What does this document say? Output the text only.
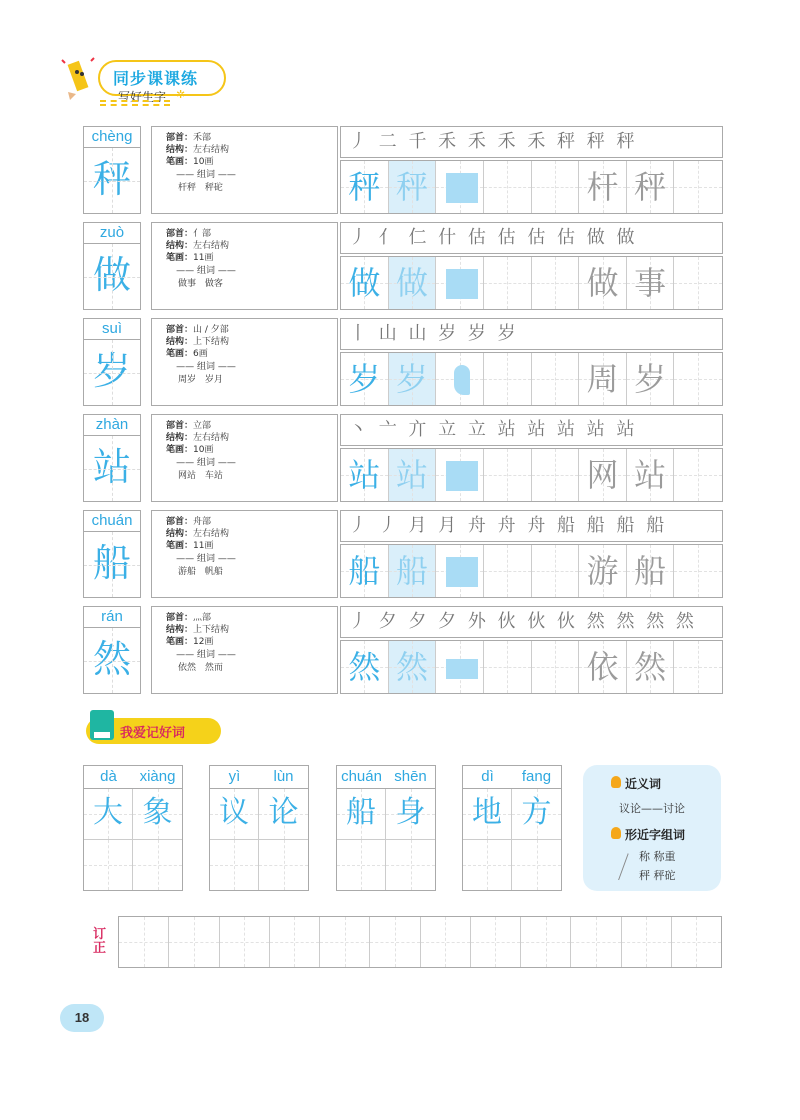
同步课课练
写好生字 ✲
chèng
秤
部首：禾部
结构：左右结构
笔画：10画
—— 组词 ——
杆秤 秤砣
丿 二 千 禾 禾 禾 禾 秤 秤 秤
秤 秤	杆 秤
zuò
做
部首：亻部
结构：左右结构
笔画：11画
—— 组词 ——
做事 做客
丿 亻 仁 什 估 估 估 估 做 做
做 做	做 事
suì
岁
部首：山 / 夕部
结构：上下结构
笔画：6画
—— 组词 ——
周岁 岁月
丨 山 山 岁 岁 岁
岁 岁	周 岁
zhàn
站
部首：立部
结构：左右结构
笔画：10画
—— 组词 ——
网站 车站
丶 亠 亣 立 立 站 站 站 站 站
站 站	网 站
chuán
船
部首：舟部
结构：左右结构
笔画：11画
—— 组词 ——
游船 帆船
丿 丿 月 月 舟 舟 舟 船 船 船 船
船 船	游 船
rán
然
部首：灬部
结构：上下结构
笔画：12画
—— 组词 ——
依然 然而
丿 夕 夕 夕 外 伙 伙 伙 然 然 然 然
然 然	依 然
我爱记好词
dà	xiàng
大 象
yì	lùn
议 论
chuán shēn
船 身
dì	fang
地 方
近义词
议论——讨论
形近字组词
称 称重
秤 秤砣
订正
18
